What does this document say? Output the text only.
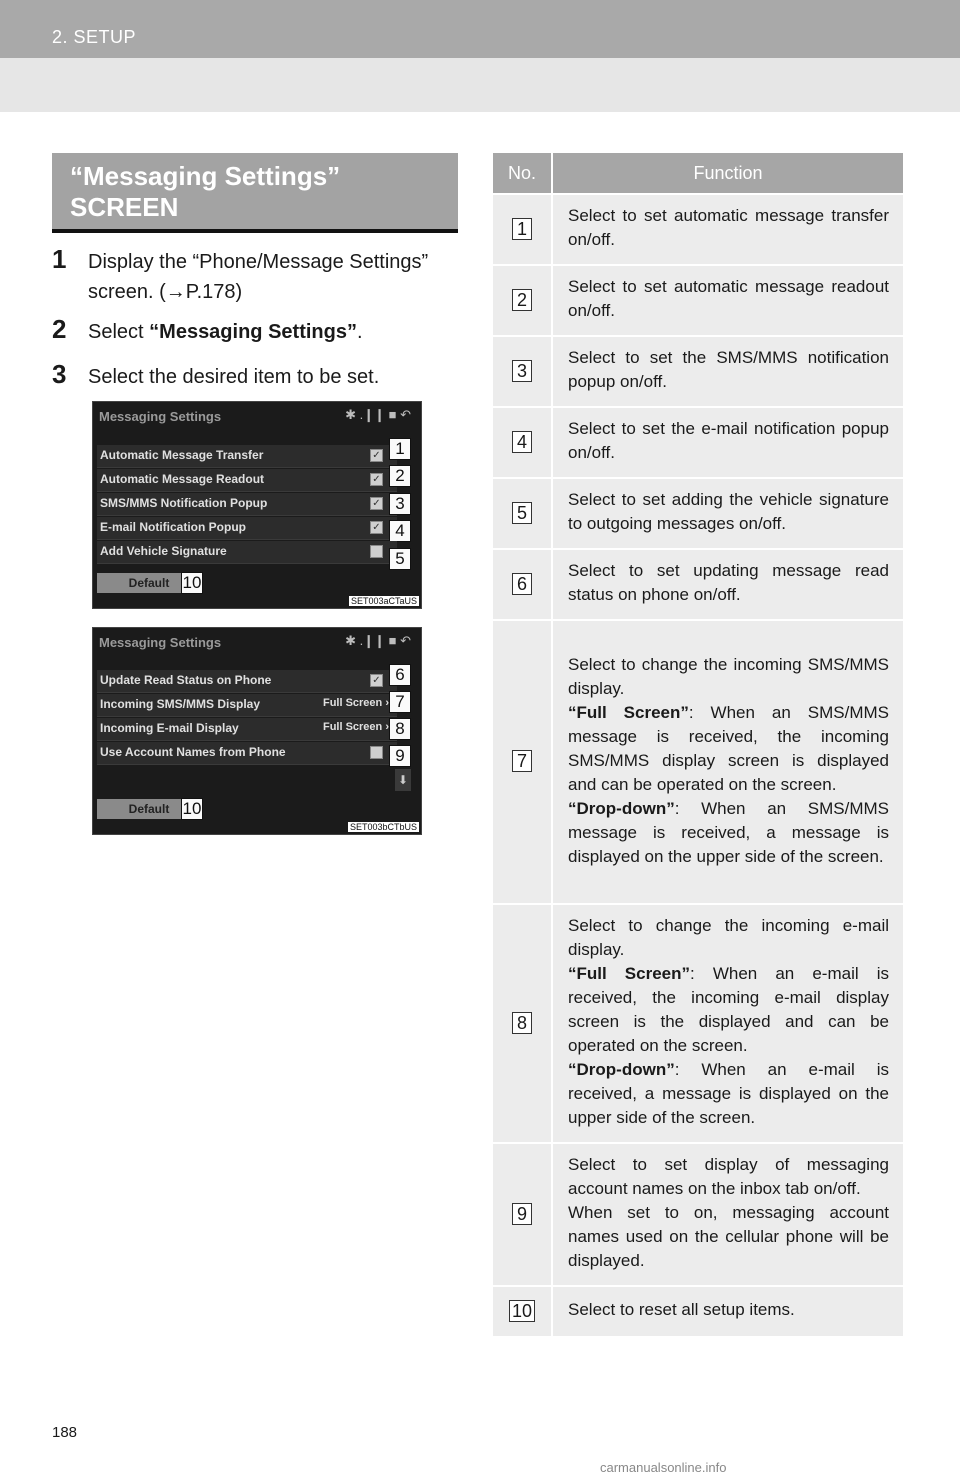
2. SETUP
“Messaging Settings”
SCREEN
1 Display the “Phone/Message Settings” screen. (→P.178)
2 Select “Messaging Settings”.
3 Select the desired item to be set.
Messaging Settings	✱ .❙❙ ■ ↶
Automatic Message Transfer	✓ 1
Automatic Message Readout	✓ 2
SMS/MMS Notification Popup	✓ 3
E-mail Notification Popup	✓ 4
Add Vehicle Signature	5
Default 10
SET003aCTaUS
Messaging Settings	✱ .❙❙ ■ ↶
Update Read Status on Phone	✓ 6
Incoming SMS/MMS Display	Full Screen › 7
Incoming E-mail Display	Full Screen › 8
Use Account Names from Phone	9
⬇
Default 10
SET003bCTbUS
No.	Function
1	Select to set automatic message transfer on/off.
2	Select to set automatic message readout on/off.
3	Select to set the SMS/MMS notification popup on/off.
4	Select to set the e-mail notification popup on/off.
5	Select to set adding the vehicle signature to outgoing messages on/off.
6	Select to set updating message read status on phone on/off.
7	Select to change the incoming SMS/MMS display.
“Full Screen”: When an SMS/MMS message is received, the incoming SMS/MMS display screen is displayed and can be operated on the screen.
“Drop-down”: When an SMS/MMS message is received, a message is displayed on the upper side of the screen.
8	Select to change the incoming e-mail display.
“Full Screen”: When an e-mail is received, the incoming e-mail display screen is the displayed and can be operated on the screen.
“Drop-down”: When an e-mail is received, a message is displayed on the upper side of the screen.
9	Select to set display of messaging account names on the inbox tab on/off.
When set to on, messaging account names used on the cellular phone will be displayed.
10	Select to reset all setup items.
188
carmanualsonline.info
